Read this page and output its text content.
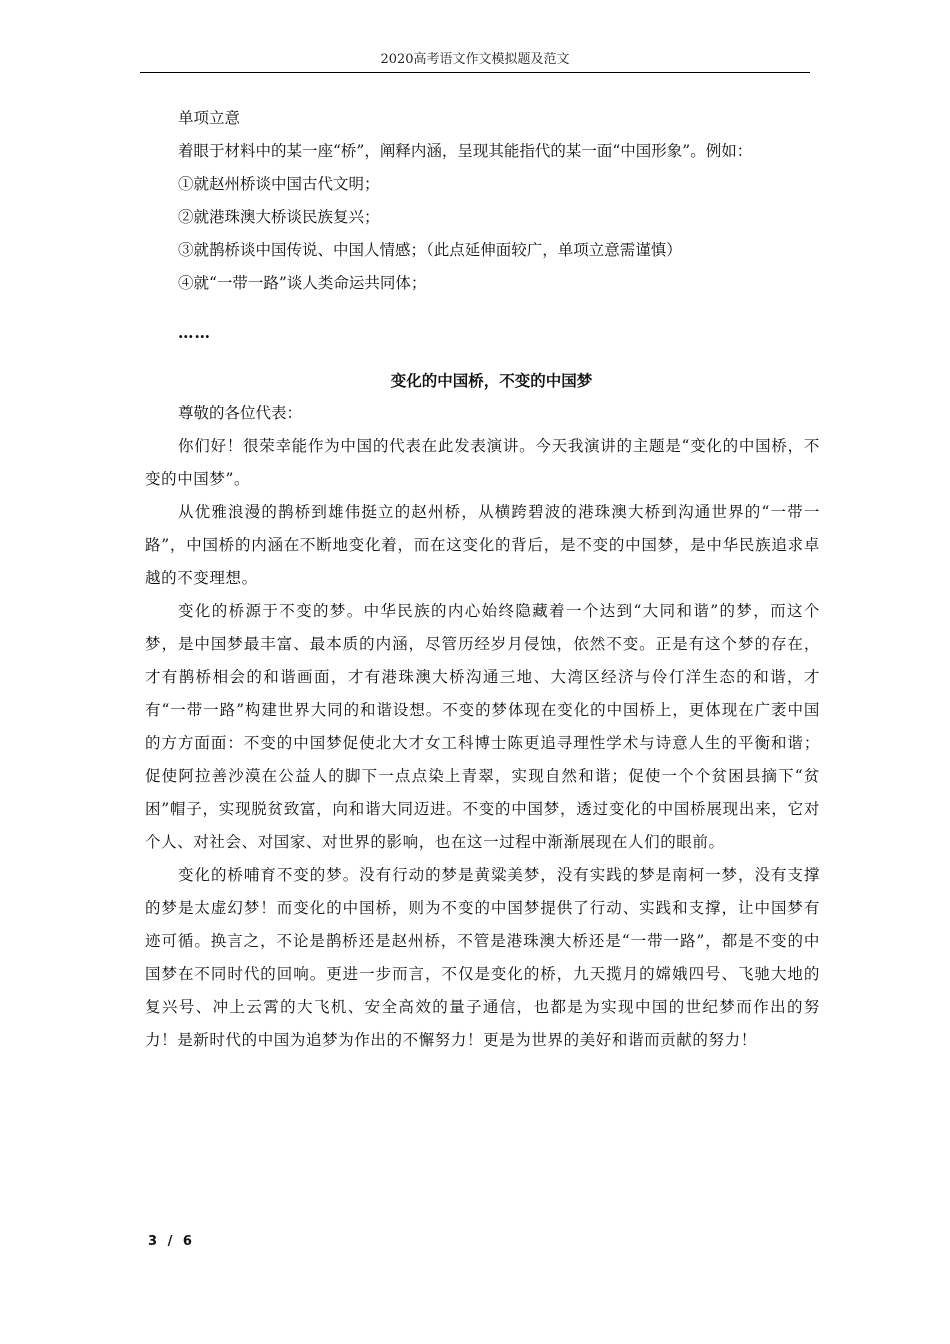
2020高考语文作文模拟题及范文

单项立意

着眼于材料中的某一座“桥”，阐释内涵，呈现其能指代的某一面“中国形象”。例如：

①就赵州桥谈中国古代文明；

②就港珠澳大桥谈民族复兴；

③就鹊桥谈中国传说、中国人情感；（此点延伸面较广，单项立意需谨慎）

④就“一带一路”谈人类命运共同体；

……

变化的中国桥，不变的中国梦

尊敬的各位代表：

你们好！很荣幸能作为中国的代表在此发表演讲。今天我演讲的主题是“变化的中国桥，不变的中国梦”。

从优雅浪漫的鹊桥到雄伟挺立的赵州桥，从横跨碧波的港珠澳大桥到沟通世界的“一带一路”，中国桥的内涵在不断地变化着，而在这变化的背后，是不变的中国梦，是中华民族追求卓越的不变理想。

变化的桥源于不变的梦。中华民族的内心始终隐藏着一个达到“大同和谐”的梦，而这个梦，是中国梦最丰富、最本质的内涵，尽管历经岁月侵蚀，依然不变。正是有这个梦的存在，才有鹊桥相会的和谐画面，才有港珠澳大桥沟通三地、大湾区经济与伶仃洋生态的和谐，才有“一带一路”构建世界大同的和谐设想。不变的梦体现在变化的中国桥上，更体现在广袤中国的方方面面：不变的中国梦促使北大才女工科博士陈更追寻理性学术与诗意人生的平衡和谐；促使阿拉善沙漠在公益人的脚下一点点染上青翠，实现自然和谐；促使一个个贫困县摘下“贫困”帽子，实现脱贫致富，向和谐大同迈进。不变的中国梦，透过变化的中国桥展现出来，它对个人、对社会、对国家、对世界的影响，也在这一过程中渐渐展现在人们的眼前。

变化的桥哺育不变的梦。没有行动的梦是黄粱美梦，没有实践的梦是南柯一梦，没有支撑的梦是太虚幻梦！而变化的中国桥，则为不变的中国梦提供了行动、实践和支撑，让中国梦有迹可循。换言之，不论是鹊桥还是赵州桥，不管是港珠澳大桥还是“一带一路”，都是不变的中国梦在不同时代的回响。更进一步而言，不仅是变化的桥，九天揽月的嫦娥四号、飞驰大地的复兴号、冲上云霄的大飞机、安全高效的量子通信，也都是为实现中国的世纪梦而作出的努力！是新时代的中国为追梦为作出的不懈努力！更是为世界的美好和谐而贡献的努力！

3 / 6
